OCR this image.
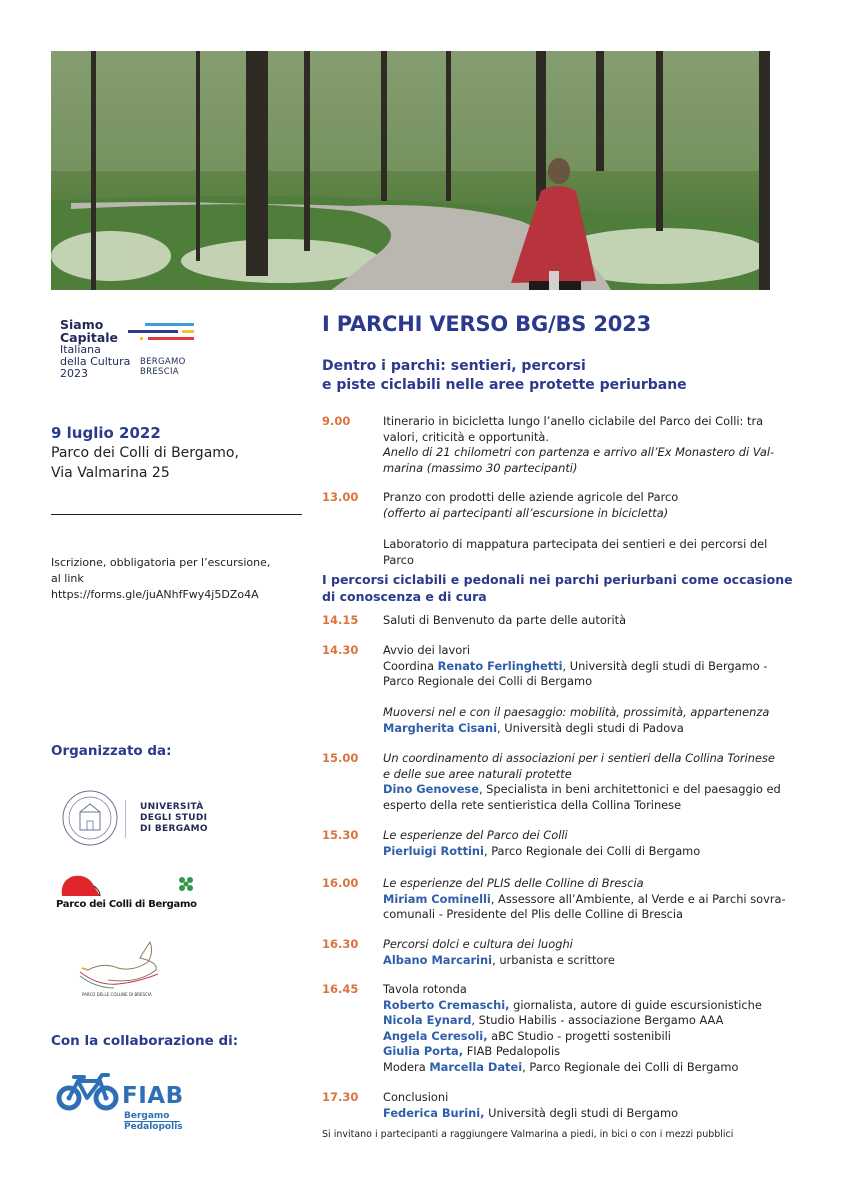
Siamo
Capitale
Italiana
della Cultura
2023
BERGAMO
BRESCIA
9 luglio 2022
Parco dei Colli di Bergamo,
Via Valmarina 25
Iscrizione, obbligatoria per l’escursione,
al link
https://forms.gle/juANhfFwy4j5DZo4A
Organizzato da:
UNIVERSITÀ
DEGLI STUDI
DI BERGAMO
Parco dei Colli di Bergamo
PARCO DELLE COLLINE DI BRESCIA
Con la collaborazione di:
FIAB
Bergamo
Pedalopolis
I PARCHI VERSO BG/BS 2023
Dentro i parchi: sentieri, percorsi
e piste ciclabili nelle aree protette periurbane
9.00	Itinerario in bicicletta lungo l’anello ciclabile del Parco dei Colli: tra
valori, criticità e opportunità.
Anello di 21 chilometri con partenza e arrivo all’Ex Monastero di Val-
marina (massimo 30 partecipanti)
13.00 Pranzo con prodotti delle aziende agricole del Parco
(offerto ai partecipanti all’escursione in bicicletta)
Laboratorio di mappatura partecipata dei sentieri e dei percorsi del
Parco
I percorsi ciclabili e pedonali nei parchi periurbani come occasione
di conoscenza e di cura
14.15 Saluti di Benvenuto da parte delle autorità
14.30 Avvio dei lavori
Coordina Renato Ferlinghetti, Università degli studi di Bergamo -
Parco Regionale dei Colli di Bergamo
Muoversi nel e con il paesaggio: mobilità, prossimità, appartenenza
Margherita Cisani, Università degli studi di Padova
15.00 Un coordinamento di associazioni per i sentieri della Collina Torinese
e delle sue aree naturali protette
Dino Genovese, Specialista in beni architettonici e del paesaggio ed
esperto della rete sentieristica della Collina Torinese
15.30 Le esperienze del Parco dei Colli
Pierluigi Rottini, Parco Regionale dei Colli di Bergamo
16.00 Le esperienze del PLIS delle Colline di Brescia
Miriam Cominelli, Assessore all’Ambiente, al Verde e ai Parchi sovra-
comunali - Presidente del Plis delle Colline di Brescia
16.30 Percorsi dolci e cultura dei luoghi
Albano Marcarini, urbanista e scrittore
16.45 Tavola rotonda
Roberto Cremaschi, giornalista, autore di guide escursionistiche
Nicola Eynard, Studio Habilis - associazione Bergamo AAA
Angela Ceresoli, aBC Studio - progetti sostenibili
Giulia Porta, FIAB Pedalopolis
Modera Marcella Datei, Parco Regionale dei Colli di Bergamo
17.30 Conclusioni
Federica Burini, Università degli studi di Bergamo
Si invitano i partecipanti a raggiungere Valmarina a piedi, in bici o con i mezzi pubblici
